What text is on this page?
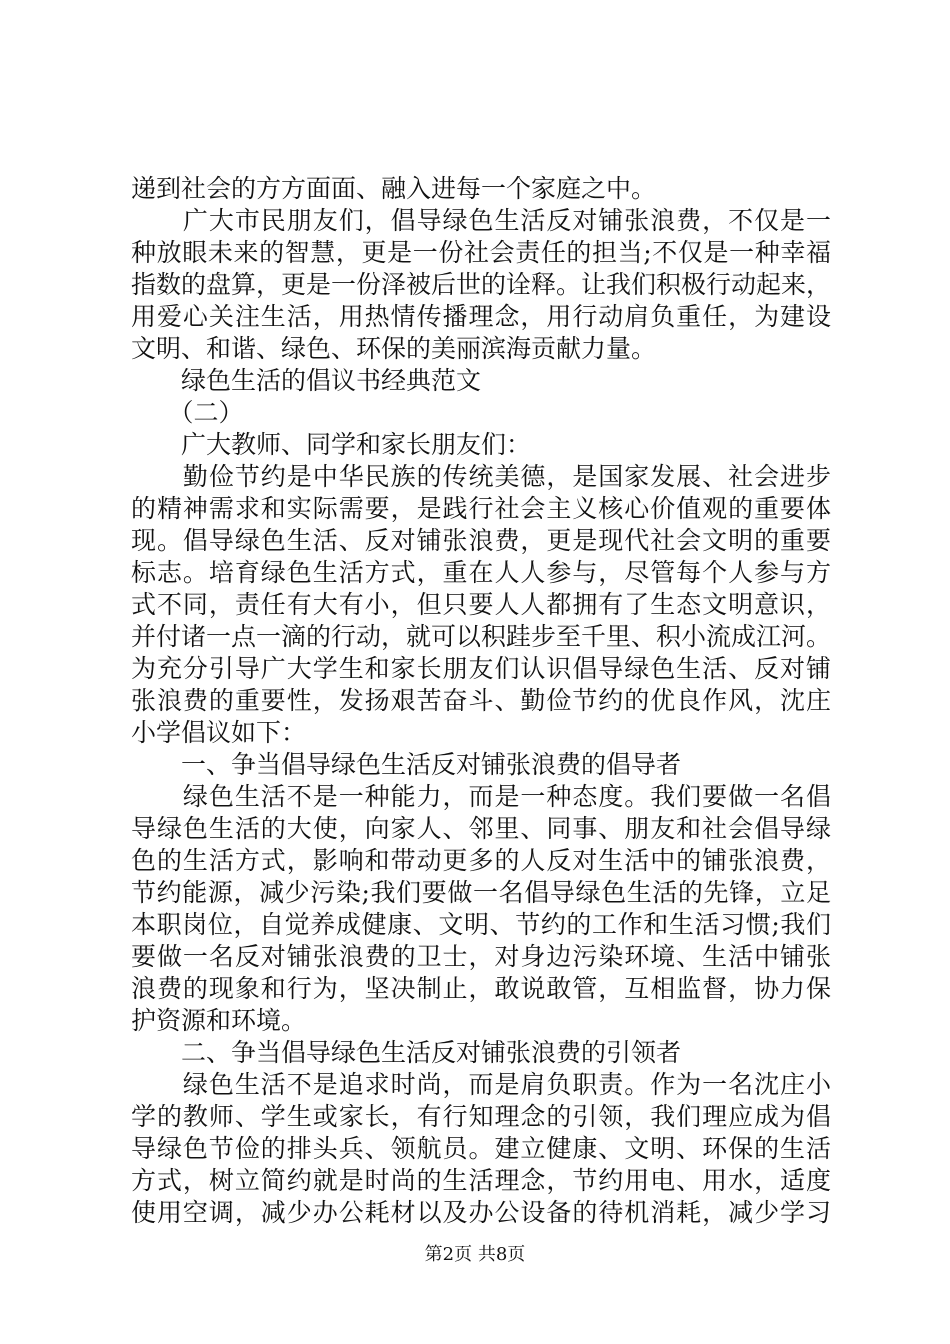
递到社会的方方面面、融入进每一个家庭之中。
　　广大市民朋友们，倡导绿色生活反对铺张浪费，不仅是一
种放眼未来的智慧，更是一份社会责任的担当;不仅是一种幸福
指数的盘算，更是一份泽被后世的诠释。让我们积极行动起来，
用爱心关注生活，用热情传播理念，用行动肩负重任，为建设
文明、和谐、绿色、环保的美丽滨海贡献力量。
　　绿色生活的倡议书经典范文
　　（二）
　　广大教师、同学和家长朋友们：
　　勤俭节约是中华民族的传统美德，是国家发展、社会进步
的精神需求和实际需要，是践行社会主义核心价值观的重要体
现。倡导绿色生活、反对铺张浪费，更是现代社会文明的重要
标志。培育绿色生活方式，重在人人参与，尽管每个人参与方
式不同，责任有大有小，但只要人人都拥有了生态文明意识，
并付诸一点一滴的行动，就可以积跬步至千里、积小流成江河。
为充分引导广大学生和家长朋友们认识倡导绿色生活、反对铺
张浪费的重要性，发扬艰苦奋斗、勤俭节约的优良作风，沈庄
小学倡议如下：
　　一、争当倡导绿色生活反对铺张浪费的倡导者
　　绿色生活不是一种能力，而是一种态度。我们要做一名倡
导绿色生活的大使，向家人、邻里、同事、朋友和社会倡导绿
色的生活方式，影响和带动更多的人反对生活中的铺张浪费，
节约能源，减少污染;我们要做一名倡导绿色生活的先锋，立足
本职岗位，自觉养成健康、文明、节约的工作和生活习惯;我们
要做一名反对铺张浪费的卫士，对身边污染环境、生活中铺张
浪费的现象和行为，坚决制止，敢说敢管，互相监督，协力保
护资源和环境。
　　二、争当倡导绿色生活反对铺张浪费的引领者
　　绿色生活不是追求时尚，而是肩负职责。作为一名沈庄小
学的教师、学生或家长，有行知理念的引领，我们理应成为倡
导绿色节俭的排头兵、领航员。建立健康、文明、环保的生活
方式，树立简约就是时尚的生活理念，节约用电、用水，适度
使用空调，减少办公耗材以及办公设备的待机消耗，减少学习
第2页 共8页
